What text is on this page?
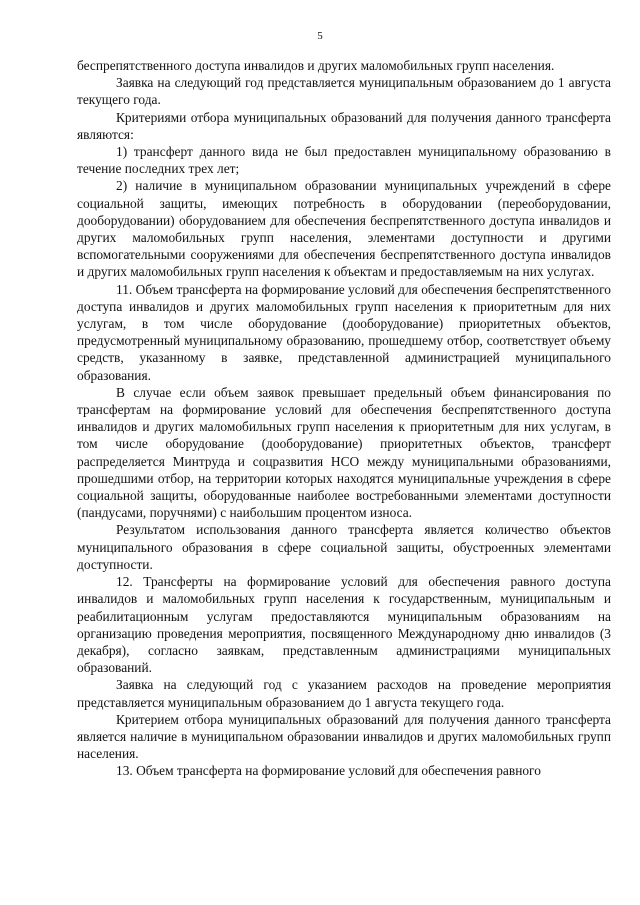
5

беспрепятственного доступа инвалидов и других маломобильных групп населения.

Заявка на следующий год представляется муниципальным образованием до 1 августа текущего года.

Критериями отбора муниципальных образований для получения данного трансферта являются:

1) трансферт данного вида не был предоставлен муниципальному образованию в течение последних трех лет;

2) наличие в муниципальном образовании муниципальных учреждений в сфере социальной защиты, имеющих потребность в оборудовании (переоборудовании, дооборудовании) оборудованием для обеспечения беспрепятственного доступа инвалидов и других маломобильных групп населения, элементами доступности и другими вспомогательными сооружениями для обеспечения беспрепятственного доступа инвалидов и других маломобильных групп населения к объектам и предоставляемым на них услугах.

11. Объем трансферта на формирование условий для обеспечения беспрепятственного доступа инвалидов и других маломобильных групп населения к приоритетным для них услугам, в том числе оборудование (дооборудование) приоритетных объектов, предусмотренный муниципальному образованию, прошедшему отбор, соответствует объему средств, указанному в заявке, представленной администрацией муниципального образования.

В случае если объем заявок превышает предельный объем финансирования по трансфертам на формирование условий для обеспечения беспрепятственного доступа инвалидов и других маломобильных групп населения к приоритетным для них услугам, в том числе оборудование (дооборудование) приоритетных объектов, трансферт распределяется Минтруда и соцразвития НСО между муниципальными образованиями, прошедшими отбор, на территории которых находятся муниципальные учреждения в сфере социальной защиты, оборудованные наиболее востребованными элементами доступности (пандусами, поручнями) с наибольшим процентом износа.

Результатом использования данного трансферта является количество объектов муниципального образования в сфере социальной защиты, обустроенных элементами доступности.

12. Трансферты на формирование условий для обеспечения равного доступа инвалидов и маломобильных групп населения к государственным, муниципальным и реабилитационным услугам предоставляются муниципальным образованиям на организацию проведения мероприятия, посвященного Международному дню инвалидов (3 декабря), согласно заявкам, представленным администрациями муниципальных образований.

Заявка на следующий год с указанием расходов на проведение мероприятия представляется муниципальным образованием до 1 августа текущего года.

Критерием отбора муниципальных образований для получения данного трансферта является наличие в муниципальном образовании инвалидов и других маломобильных групп населения.

13. Объем трансферта на формирование условий для обеспечения равного
